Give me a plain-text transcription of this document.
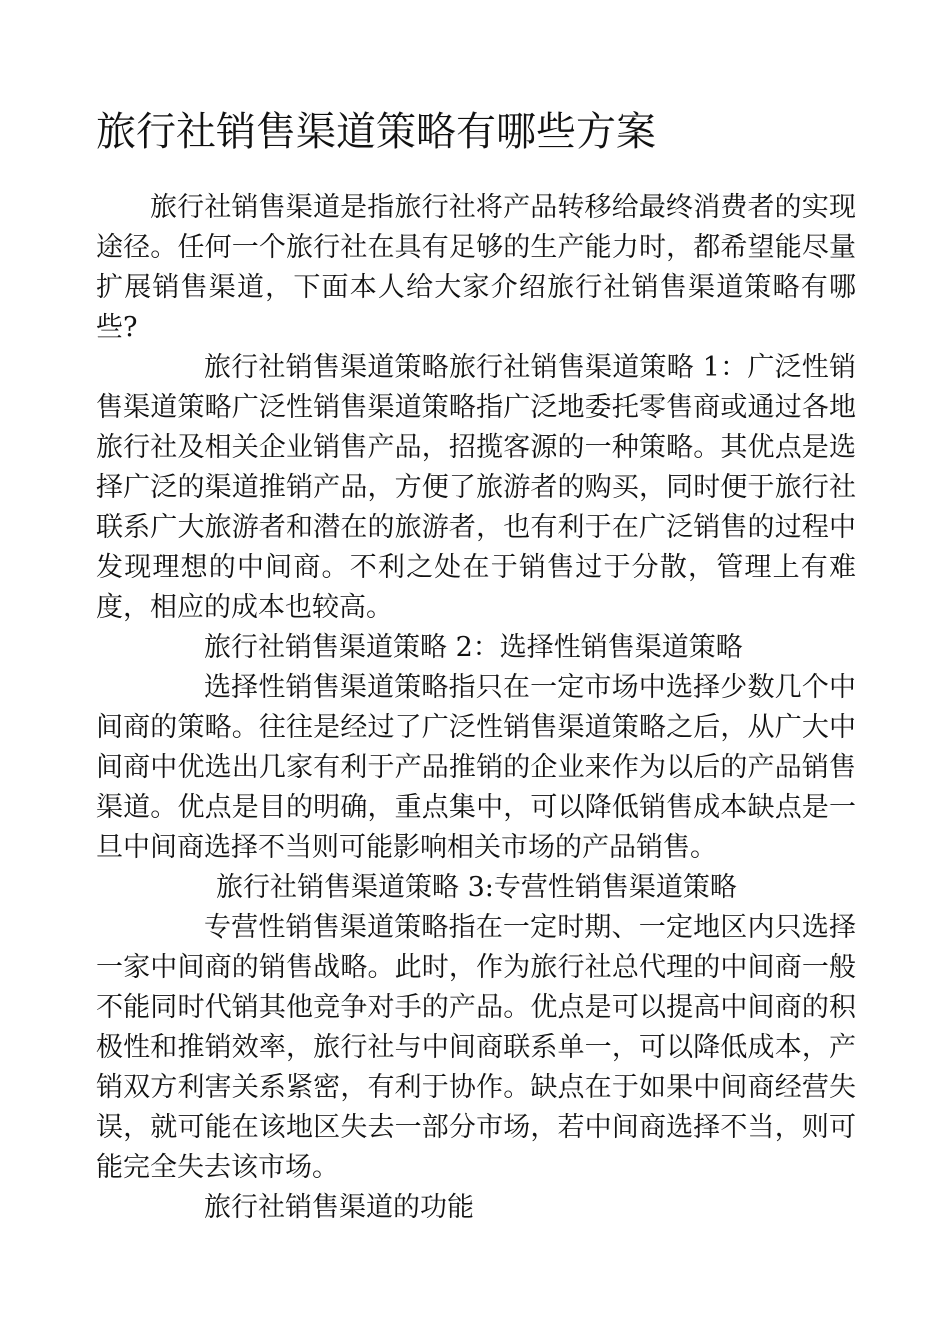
旅行社销售渠道策略有哪些方案

旅行社销售渠道是指旅行社将产品转移给最终消费者的实现途径。任何一个旅行社在具有足够的生产能力时，都希望能尽量扩展销售渠道，下面本人给大家介绍旅行社销售渠道策略有哪些?

旅行社销售渠道策略旅行社销售渠道策略 1：广泛性销售渠道策略广泛性销售渠道策略指广泛地委托零售商或通过各地旅行社及相关企业销售产品，招揽客源的一种策略。其优点是选择广泛的渠道推销产品，方便了旅游者的购买，同时便于旅行社联系广大旅游者和潜在的旅游者，也有利于在广泛销售的过程中发现理想的中间商。不利之处在于销售过于分散，管理上有难度，相应的成本也较高。

旅行社销售渠道策略 2：选择性销售渠道策略

选择性销售渠道策略指只在一定市场中选择少数几个中间商的策略。往往是经过了广泛性销售渠道策略之后，从广大中间商中优选出几家有利于产品推销的企业来作为以后的产品销售渠道。优点是目的明确，重点集中，可以降低销售成本缺点是一旦中间商选择不当则可能影响相关市场的产品销售。

旅行社销售渠道策略 3:专营性销售渠道策略

专营性销售渠道策略指在一定时期、一定地区内只选择一家中间商的销售战略。此时，作为旅行社总代理的中间商一般不能同时代销其他竞争对手的产品。优点是可以提高中间商的积极性和推销效率，旅行社与中间商联系单一，可以降低成本，产销双方利害关系紧密，有利于协作。缺点在于如果中间商经营失误，就可能在该地区失去一部分市场，若中间商选择不当，则可能完全失去该市场。

旅行社销售渠道的功能
